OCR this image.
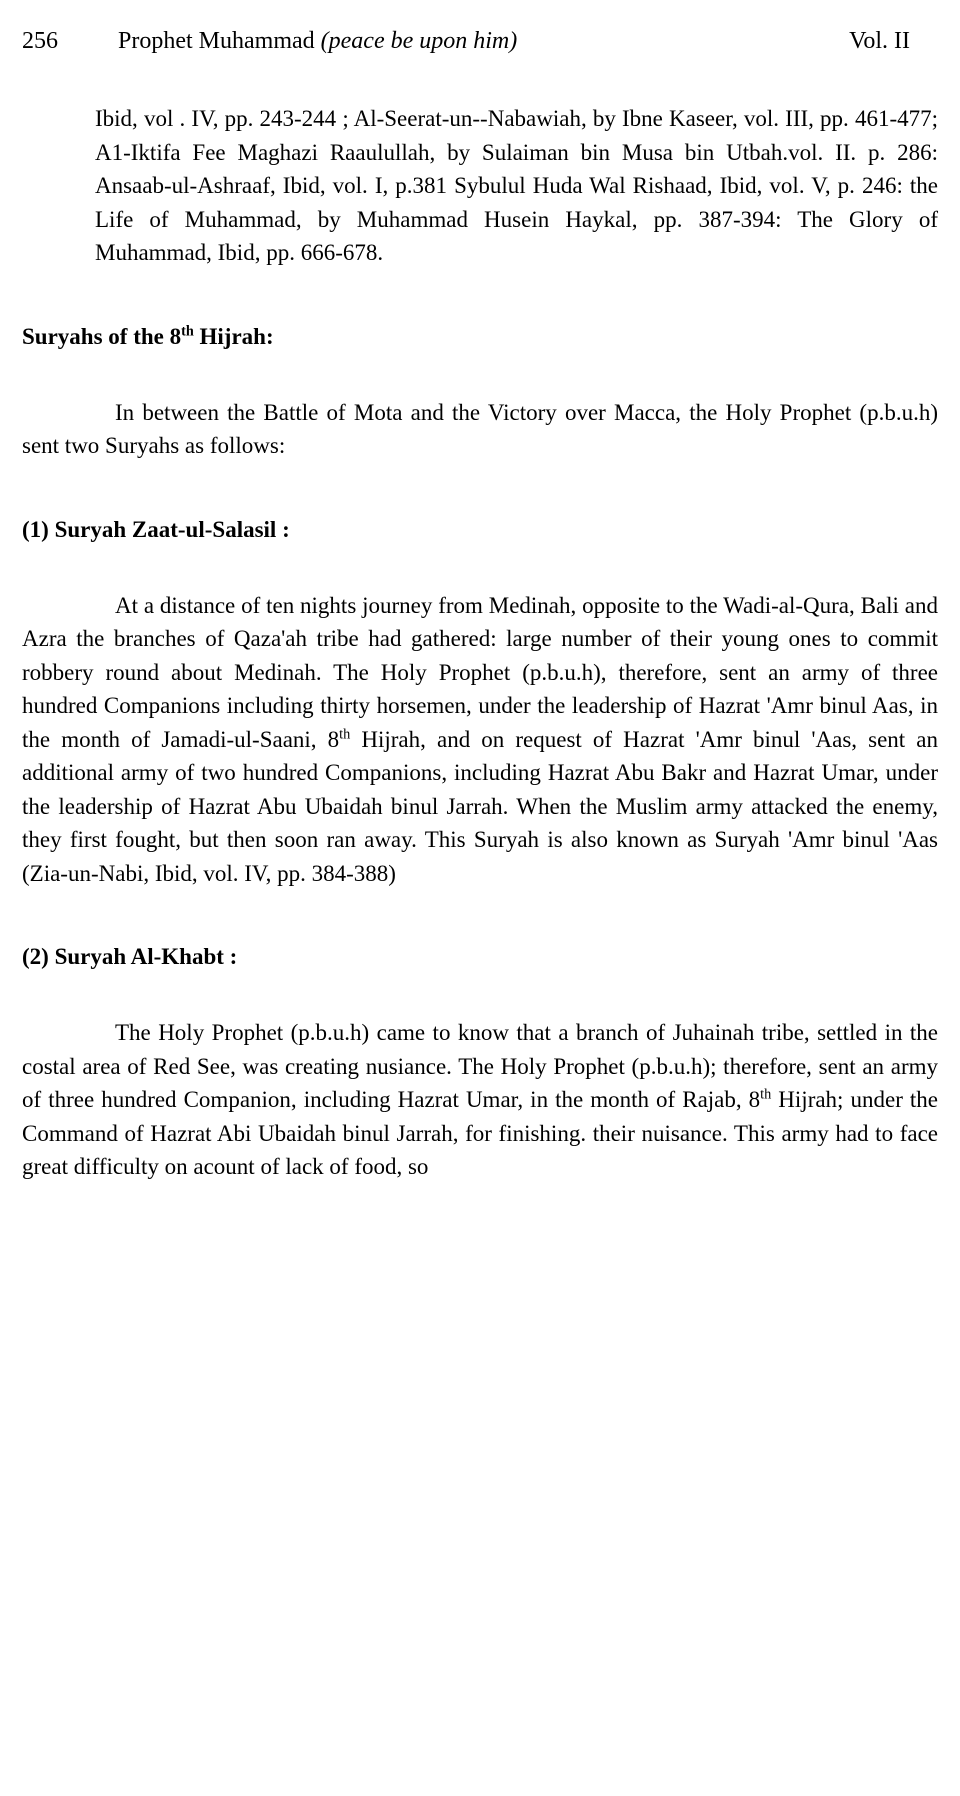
256	Prophet Muhammad (peace be upon him)	Vol. II

Ibid, vol . IV, pp. 243-244 ; Al-Seerat-un--Nabawiah, by Ibne Kaseer, vol. III, pp. 461-477; A1-Iktifa Fee Maghazi Raaulullah, by Sulaiman bin Musa bin Utbah.vol. II. p. 286: Ansaab-ul-Ashraaf, Ibid, vol. I, p.381 Sybulul Huda Wal Rishaad, Ibid, vol. V, p. 246: the Life of Muhammad, by Muhammad Husein Haykal, pp. 387-394: The Glory of Muhammad, Ibid, pp. 666-678.

Suryahs of the 8th Hijrah:

In between the Battle of Mota and the Victory over Macca, the Holy Prophet (p.b.u.h) sent two Suryahs as follows:

(1) Suryah Zaat-ul-Salasil :

At a distance of ten nights journey from Medinah, opposite to the Wadi-al-Qura, Bali and Azra the branches of Qaza'ah tribe had gathered: large number of their young ones to commit robbery round about Medinah. The Holy Prophet (p.b.u.h), therefore, sent an army of three hundred Companions including thirty horsemen, under the leadership of Hazrat 'Amr binul Aas, in the month of Jamadi-ul-Saani, 8th Hijrah, and on request of Hazrat 'Amr binul 'Aas, sent an additional army of two hundred Companions, including Hazrat Abu Bakr and Hazrat Umar, under the leadership of Hazrat Abu Ubaidah binul Jarrah. When the Muslim army attacked the enemy, they first fought, but then soon ran away. This Suryah is also known as Suryah 'Amr binul 'Aas (Zia-un-Nabi, Ibid, vol. IV, pp. 384-388)

(2) Suryah Al-Khabt :

The Holy Prophet (p.b.u.h) came to know that a branch of Juhainah tribe, settled in the costal area of Red See, was creating nusiance. The Holy Prophet (p.b.u.h); therefore, sent an army of three hundred Companion, including Hazrat Umar, in the month of Rajab, 8th Hijrah; under the Command of Hazrat Abi Ubaidah binul Jarrah, for finishing. their nuisance. This army had to face great difficulty on acount of lack of food, so
